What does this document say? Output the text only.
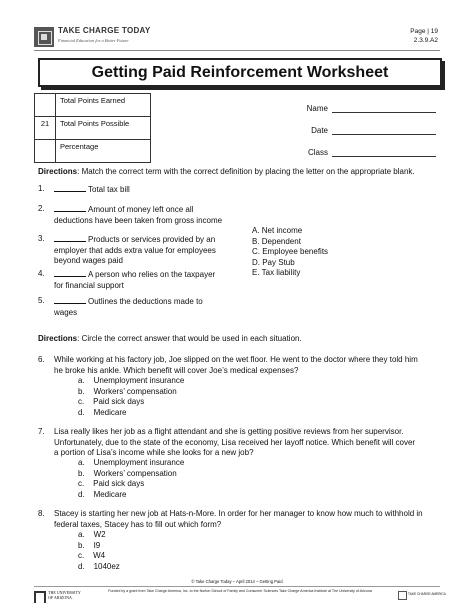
TAKE CHARGE TODAY
Financial Education for a Better Future
Page | 19
2.3.9.A2
Getting Paid Reinforcement Worksheet
	Total Points Earned
21	Total Points Possible
	Percentage
Name
Date
Class
Directions: Match the correct term with the correct definition by placing the letter on the appropriate blank.
1.	Total tax bill
2.	Amount of money left once all
deductions have been taken from gross income
3.	Products or services provided by an
employer that adds extra value for employees
beyond wages paid
4.	A person who relies on the taxpayer
for financial support
5.	Outlines the deductions made to
wages
A. Net income
B. Dependent
C. Employee benefits
D. Pay Stub
E. Tax liability
Directions: Circle the correct answer that would be used in each situation.
6. While working at his factory job, Joe slipped on the wet floor. He went to the doctor where they told him
he broke his ankle. Which benefit will cover Joe’s medical expenses?
a. Unemployment insurance
b. Workers’ compensation
c. Paid sick days
d. Medicare
7. Lisa really likes her job as a flight attendant and she is getting positive reviews from her supervisor.
Unfortunately, due to the state of the economy, Lisa received her layoff notice. Which benefit will cover
a portion of Lisa’s income while she looks for a new job?
a. Unemployment insurance
b. Workers’ compensation
c. Paid sick days
d. Medicare
8. Stacey is starting her new job at Hats-n-More. In order for her manager to know how much to withhold in
federal taxes, Stacey has to fill out which form?
a. W2
b. I9
c. W4
d. 1040ez
© Take Charge Today – April 2014 – Getting Paid
THE UNIVERSITY
OF ARIZONA.
Funded by a grant from Take Charge America, Inc. to the Norton School of Family and Consumer Sciences Take Charge America Institute at The University of Arizona
TAKE CHARGE AMERICA
